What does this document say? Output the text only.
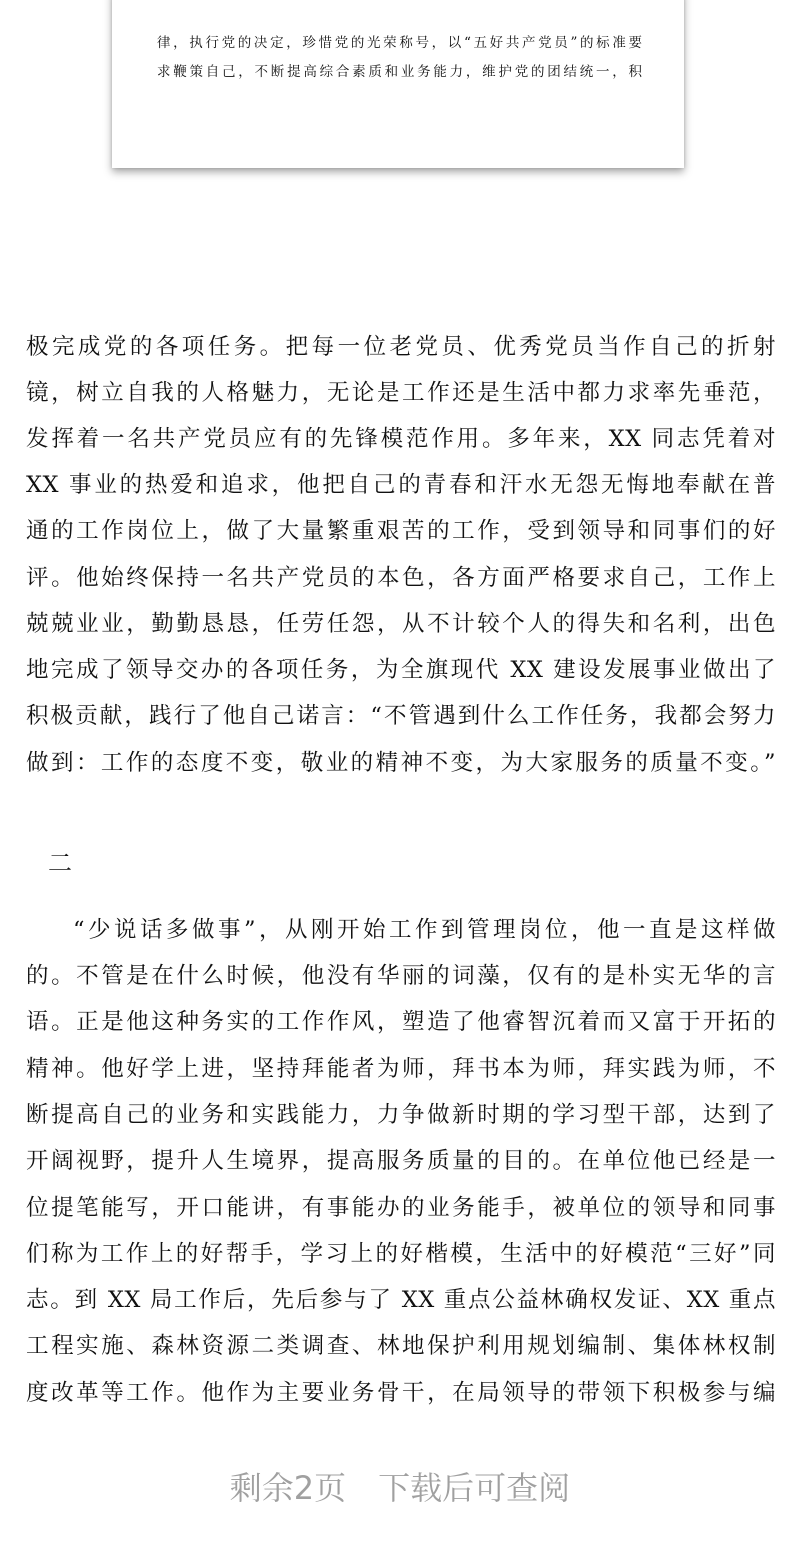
律，执行党的决定，珍惜党的光荣称号，以“五好共产党员”的标准要
求鞭策自己，不断提高综合素质和业务能力，维护党的团结统一，积
极完成党的各项任务。把每一位老党员、优秀党员当作自己的折射
镜，树立自我的人格魅力，无论是工作还是生活中都力求率先垂范，
发挥着一名共产党员应有的先锋模范作用。多年来，XX 同志凭着对
XX 事业的热爱和追求，他把自己的青春和汗水无怨无悔地奉献在普
通的工作岗位上，做了大量繁重艰苦的工作，受到领导和同事们的好
评。他始终保持一名共产党员的本色，各方面严格要求自己，工作上
兢兢业业，勤勤恳恳，任劳任怨，从不计较个人的得失和名利，出色
地完成了领导交办的各项任务，为全旗现代 XX 建设发展事业做出了
积极贡献，践行了他自己诺言：“不管遇到什么工作任务，我都会努力
做到：工作的态度不变，敬业的精神不变，为大家服务的质量不变。”
二
“少说话多做事”，从刚开始工作到管理岗位，他一直是这样做
的。不管是在什么时候，他没有华丽的词藻，仅有的是朴实无华的言
语。正是他这种务实的工作作风，塑造了他睿智沉着而又富于开拓的
精神。他好学上进，坚持拜能者为师，拜书本为师，拜实践为师，不
断提高自己的业务和实践能力，力争做新时期的学习型干部，达到了
开阔视野，提升人生境界，提高服务质量的目的。在单位他已经是一
位提笔能写，开口能讲，有事能办的业务能手，被单位的领导和同事
们称为工作上的好帮手，学习上的好楷模，生活中的好模范“三好”同
志。到 XX 局工作后，先后参与了 XX 重点公益林确权发证、XX 重点
工程实施、森林资源二类调查、林地保护利用规划编制、集体林权制
度改革等工作。他作为主要业务骨干，在局领导的带领下积极参与编
剩余2页 下载后可查阅
